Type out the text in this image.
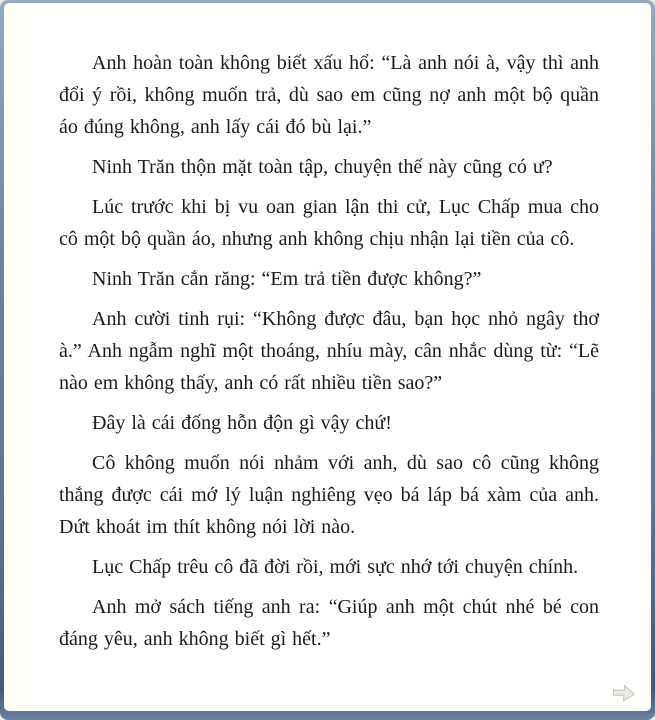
Anh hoàn toàn không biết xấu hổ: “Là anh nói à, vậy thì anh đổi ý rồi, không muốn trả, dù sao em cũng nợ anh một bộ quần áo đúng không, anh lấy cái đó bù lại.”

Ninh Trăn thộn mặt toàn tập, chuyện thế này cũng có ư?

Lúc trước khi bị vu oan gian lận thi cử, Lục Chấp mua cho cô một bộ quần áo, nhưng anh không chịu nhận lại tiền của cô.

Ninh Trăn cắn răng: “Em trả tiền được không?”

Anh cười tinh rụi: “Không được đâu, bạn học nhỏ ngây thơ à.” Anh ngẫm nghĩ một thoáng, nhíu mày, cân nhắc dùng từ: “Lẽ nào em không thấy, anh có rất nhiều tiền sao?”

Đây là cái đống hỗn độn gì vậy chứ!

Cô không muốn nói nhảm với anh, dù sao cô cũng không thắng được cái mớ lý luận nghiêng vẹo bá láp bá xàm của anh. Dứt khoát im thít không nói lời nào.

Lục Chấp trêu cô đã đời rồi, mới sực nhớ tới chuyện chính.

Anh mở sách tiếng anh ra: “Giúp anh một chút nhé bé con đáng yêu, anh không biết gì hết.”
